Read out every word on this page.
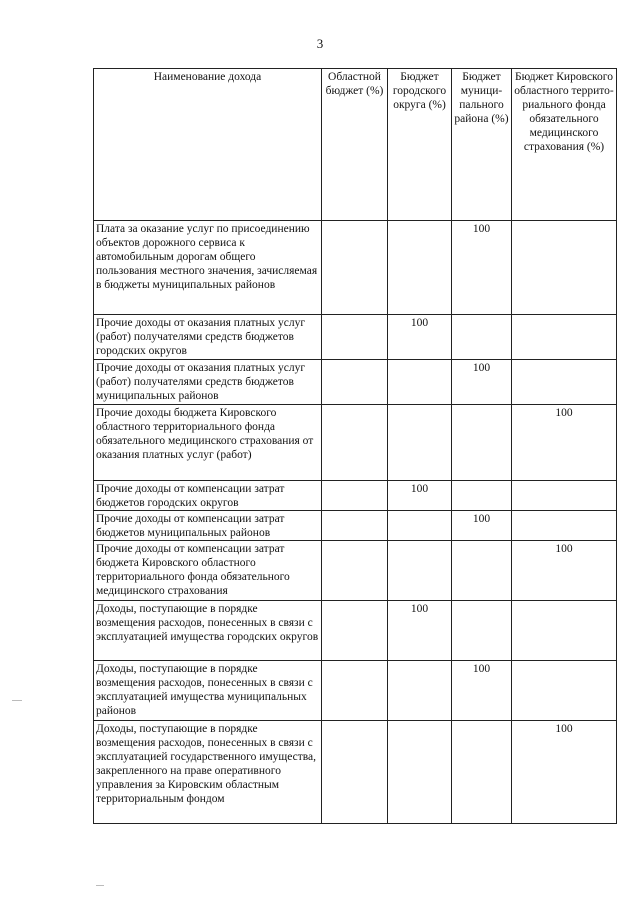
3
Наименование дохода	Областной бюджет (%)	Бюджет городского округа (%)	Бюджет муници-пального района (%)	Бюджет Кировского областного террито-риального фонда обязательного медицинского страхования (%)
Плата за оказание услуг по присоединению объектов дорожного сервиса к автомобильным дорогам общего пользования местного значения, зачисляемая в бюджеты муниципальных районов			100	
Прочие доходы от оказания платных услуг (работ) получателями средств бюджетов городских округов		100		
Прочие доходы от оказания платных услуг (работ) получателями средств бюджетов муниципальных районов			100	
Прочие доходы бюджета Кировского областного территориального фонда обязательного медицинского страхования от оказания платных услуг (работ)				100
Прочие доходы от компенсации затрат бюджетов городских округов		100		
Прочие доходы от компенсации затрат бюджетов муниципальных районов			100	
Прочие доходы от компенсации затрат бюджета Кировского областного территориального фонда обязательного медицинского страхования				100
Доходы, поступающие в порядке возмещения расходов, понесенных в связи с эксплуатацией имущества городских округов		100		
Доходы, поступающие в порядке возмещения расходов, понесенных в связи с эксплуатацией имущества муниципальных районов			100	
Доходы, поступающие в порядке возмещения расходов, понесенных в связи с эксплуатацией государственного имущества, закрепленного на праве оперативного управления за Кировским областным территориальным фондом				100
